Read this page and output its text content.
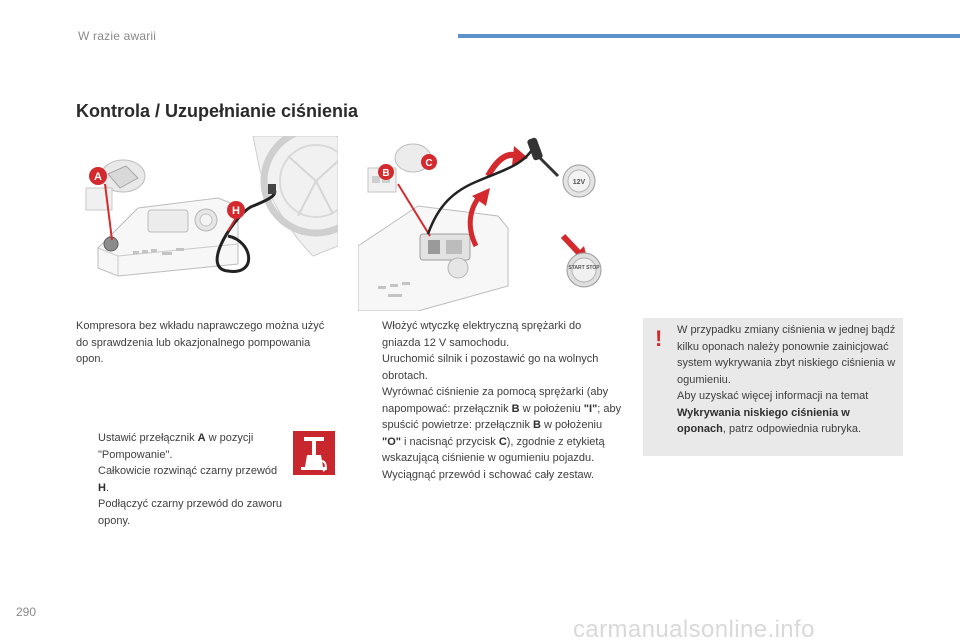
W razie awarii
Kontrola / Uzupełnianie ciśnienia
A
H
12V
START STOP
B
C
Kompresora bez wkładu naprawczego można użyć do sprawdzenia lub okazjonalnego pompowania opon.
Ustawić przełącznik A w pozycji "Pompowanie".
Całkowicie rozwinąć czarny przewód H.
Podłączyć czarny przewód do zaworu opony.
Włożyć wtyczkę elektryczną sprężarki do gniazda 12 V samochodu.
Uruchomić silnik i pozostawić go na wolnych obrotach.
Wyrównać ciśnienie za pomocą sprężarki (aby napompować: przełącznik B w położeniu "I"; aby spuścić powietrze: przełącznik B w położeniu "O" i nacisnąć przycisk C), zgodnie z etykietą wskazującą ciśnienie w ogumieniu pojazdu.
Wyciągnąć przewód i schować cały zestaw.
! W przypadku zmiany ciśnienia w jednej bądź kilku oponach należy ponownie zainicjować system wykrywania zbyt niskiego ciśnienia w ogumieniu.
Aby uzyskać więcej informacji na temat Wykrywania niskiego ciśnienia w oponach, patrz odpowiednia rubryka.
290
carmanualsonline.info
